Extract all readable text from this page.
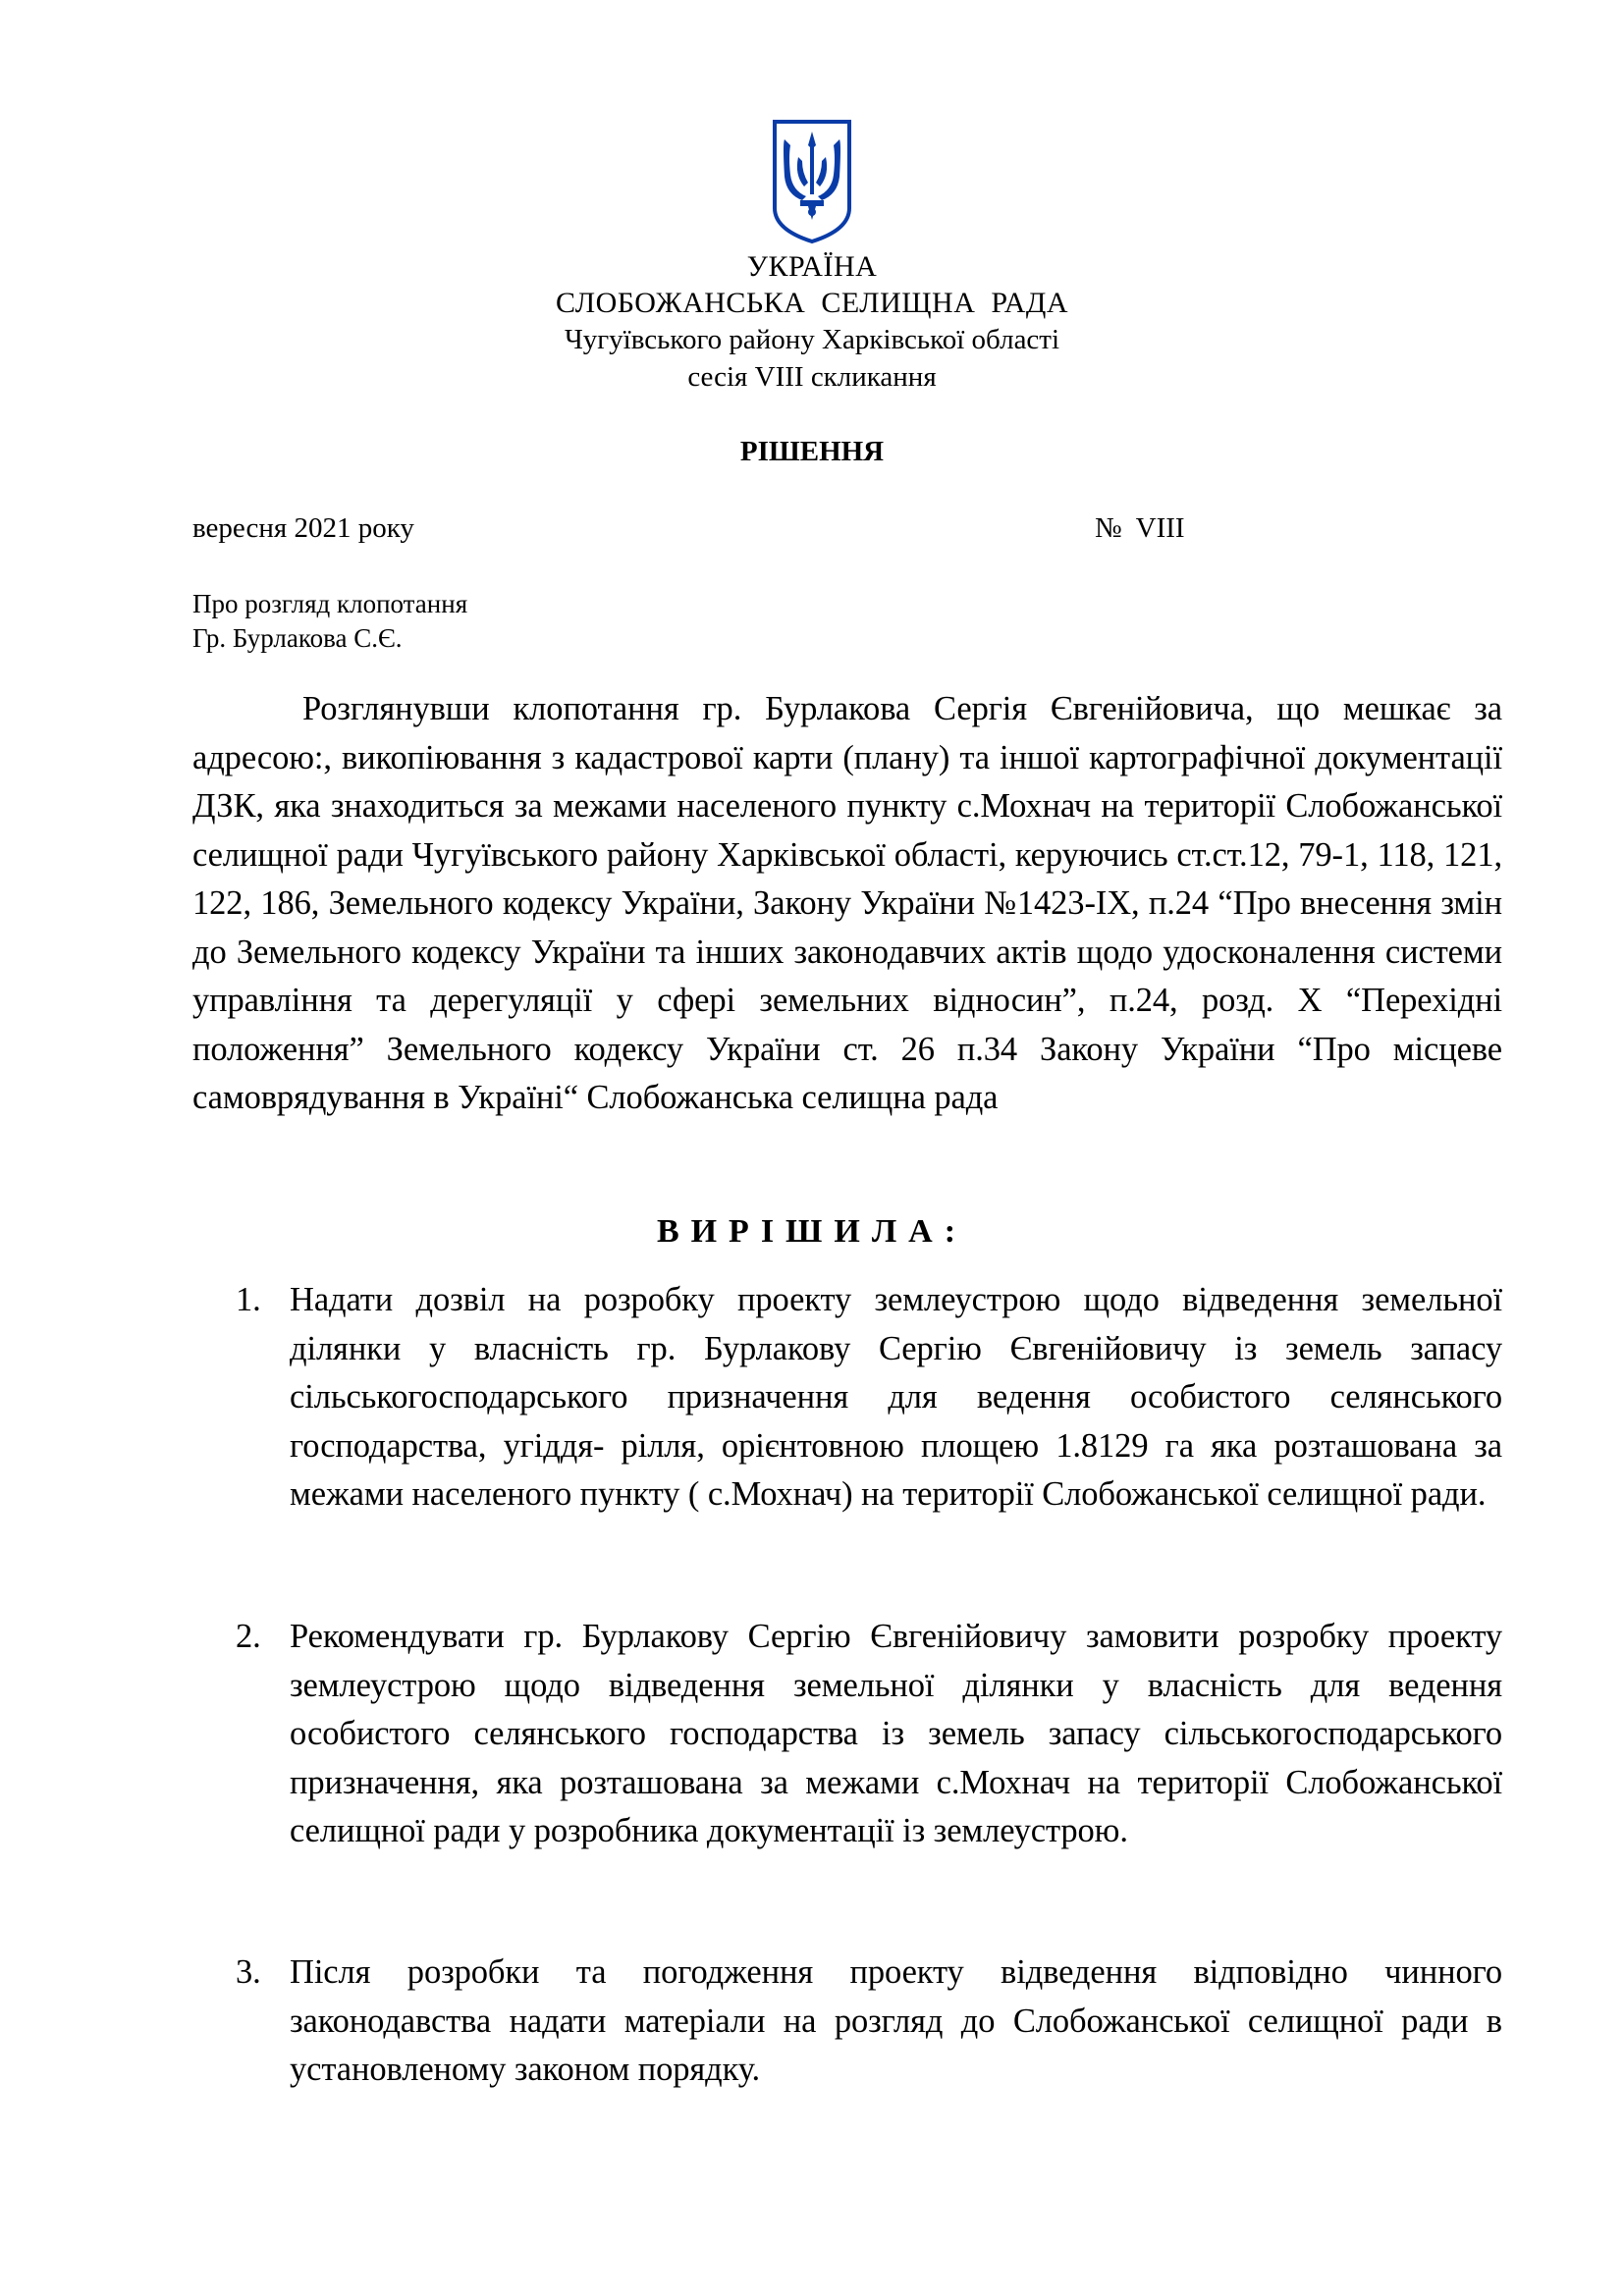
УКРАЇНА
СЛОБОЖАНСЬКА  СЕЛИЩНА  РАДА
Чугуївського району Харківської області
сесія VIII скликання
РІШЕННЯ
вересня 2021 року	№  VIII
Про розгляд клопотання
Гр. Бурлакова С.Є.
Розглянувши клопотання гр. Бурлакова Сергія Євгенійовича, що мешкає за адресою:, викопіювання з кадастрової карти (плану) та іншої картографічної документації ДЗК, яка знаходиться за межами населеного пункту с.Мохнач на території Слобожанської селищної ради Чугуївського району Харківської області, керуючись ст.ст.12, 79-1, 118, 121, 122, 186, Земельного кодексу України, Закону України №1423-IX, п.24 “Про внесення змін до Земельного кодексу України та інших законодавчих актів щодо удосконалення системи управління та дерегуляції у сфері земельних відносин”, п.24, розд. X “Перехідні положення” Земельного кодексу України ст. 26 п.34 Закону України “Про місцеве самоврядування в Україні“ Слобожанська селищна рада
ВИРІШИЛА:
1. Надати дозвіл на розробку проекту землеустрою щодо відведення земельної ділянки у власність гр. Бурлакову Сергію Євгенійовичу із земель запасу сільськогосподарського призначення для ведення особистого селянського господарства, угіддя- рілля, орієнтовною площею 1.8129 га яка розташована за межами населеного пункту ( с.Мохнач) на території Слобожанської селищної ради.
2. Рекомендувати гр. Бурлакову Сергію Євгенійовичу замовити розробку проекту землеустрою щодо відведення земельної ділянки у власність для ведення особистого селянського господарства із земель запасу сільськогосподарського призначення, яка розташована за межами с.Мохнач на території Слобожанської селищної ради у розробника документації із землеустрою.
3. Після розробки та погодження проекту відведення відповідно чинного законодавства надати матеріали на розгляд до Слобожанської селищної ради в установленому законом порядку.
